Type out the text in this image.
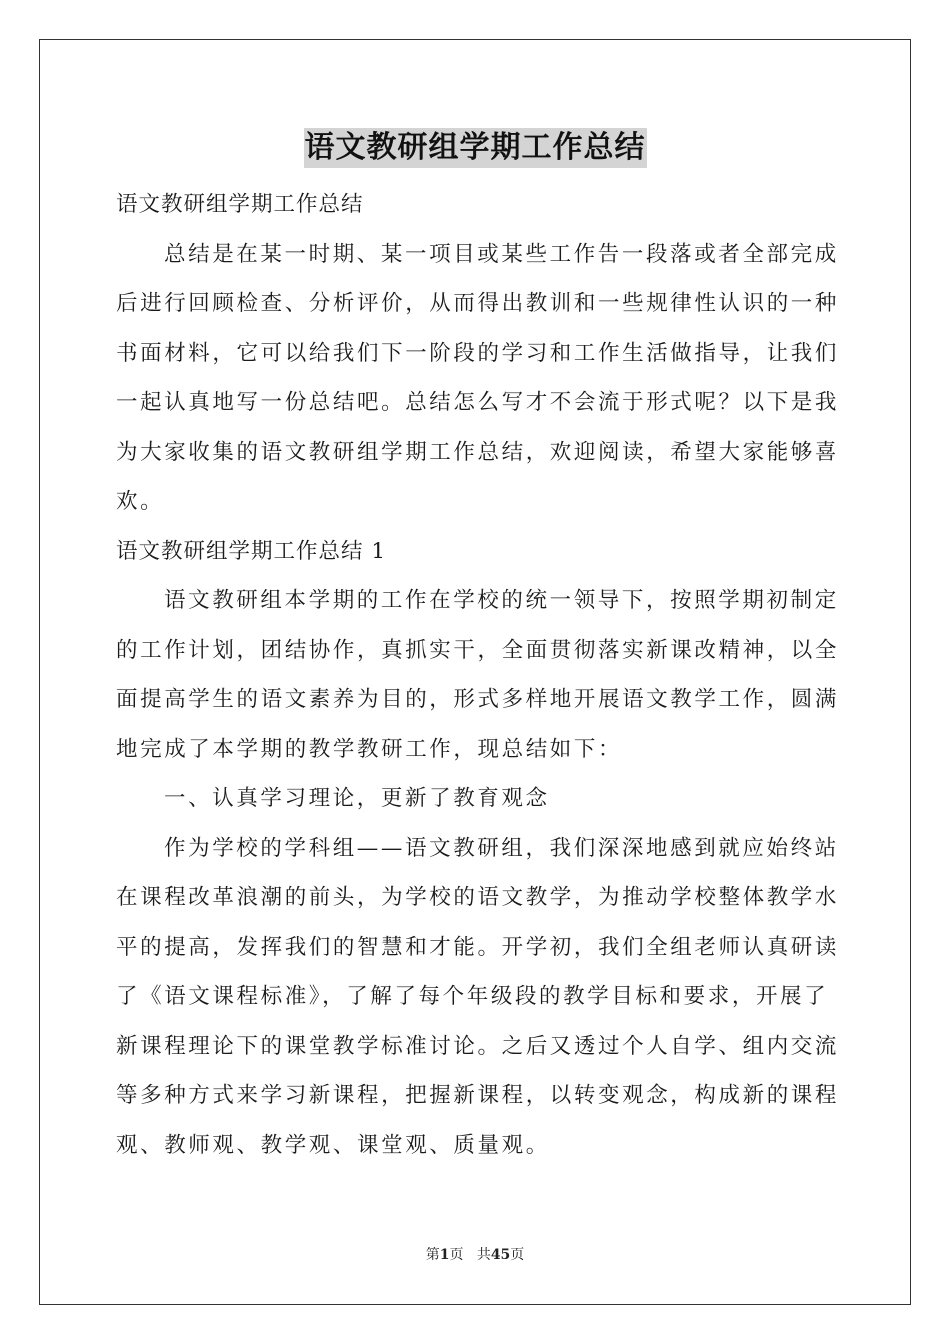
语文教研组学期工作总结
语文教研组学期工作总结
总结是在某一时期、某一项目或某些工作告一段落或者全部完成
后进行回顾检查、分析评价，从而得出教训和一些规律性认识的一种
书面材料，它可以给我们下一阶段的学习和工作生活做指导，让我们
一起认真地写一份总结吧。总结怎么写才不会流于形式呢？以下是我
为大家收集的语文教研组学期工作总结，欢迎阅读，希望大家能够喜
欢。
语文教研组学期工作总结 1
语文教研组本学期的工作在学校的统一领导下，按照学期初制定
的工作计划，团结协作，真抓实干，全面贯彻落实新课改精神，以全
面提高学生的语文素养为目的，形式多样地开展语文教学工作，圆满
地完成了本学期的教学教研工作，现总结如下：
一、认真学习理论，更新了教育观念
作为学校的学科组——语文教研组，我们深深地感到就应始终站
在课程改革浪潮的前头，为学校的语文教学，为推动学校整体教学水
平的提高，发挥我们的智慧和才能。开学初，我们全组老师认真研读
了《语文课程标准》，了解了每个年级段的教学目标和要求，开展了
新课程理论下的课堂教学标准讨论。之后又透过个人自学、组内交流
等多种方式来学习新课程，把握新课程，以转变观念，构成新的课程
观、教师观、教学观、课堂观、质量观。
第1页 共45页
